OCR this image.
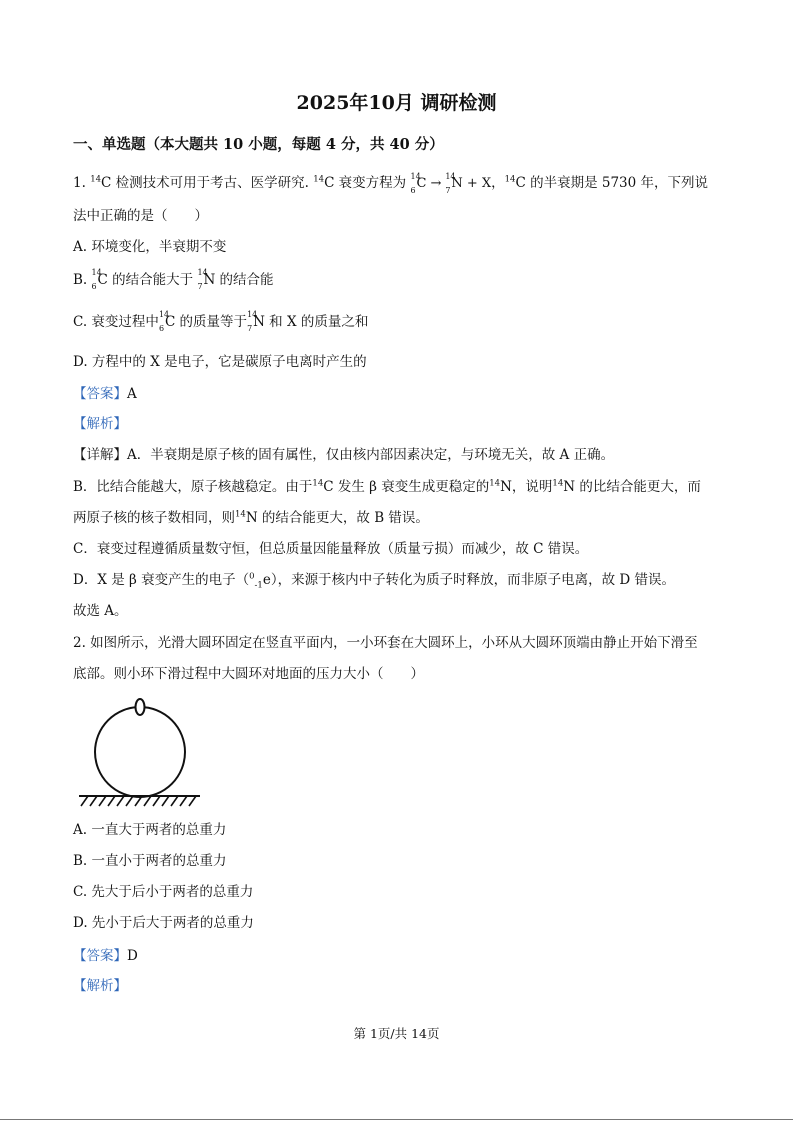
2025年10月 调研检测
一、单选题（本大题共 10 小题，每题 4 分，共 40 分）
1. $^{14}$C 检测技术可用于考古、医学研究. $^{14}$C 衰变方程为 14
6 C → 14
7 N + X，$^{14}$C 的半衰期是 5730 年，下列说
法中正确的是（　　）
A. 环境变化，半衰期不变
B. 14
6 C 的结合能大于 14
7 N 的结合能
C. 衰变过程中 14
6 C 的质量等于 14
7 N 和 X 的质量之和
D. 方程中的 X 是电子，它是碳原子电离时产生的
【答案】A
【解析】
【详解】A．半衰期是原子核的固有属性，仅由核内部因素决定，与环境无关，故 A 正确。
B．比结合能越大，原子核越稳定。由于$^{14}$C 发生 β 衰变生成更稳定的$^{14}$N，说明$^{14}$N 的比结合能更大，而
两原子核的核子数相同，则$^{14}$N 的结合能更大，故 B 错误。
C．衰变过程遵循质量数守恒，但总质量因能量释放（质量亏损）而减少，故 C 错误。
D．X 是 β 衰变产生的电子（$^0_{-1}$e），来源于核内中子转化为质子时释放，而非原子电离，故 D 错误。
故选 A。
2. 如图所示，光滑大圆环固定在竖直平面内，一小环套在大圆环上，小环从大圆环顶端由静止开始下滑至
底部。则小环下滑过程中大圆环对地面的压力大小（　　）
A. 一直大于两者的总重力
B. 一直小于两者的总重力
C. 先大于后小于两者的总重力
D. 先小于后大于两者的总重力
【答案】D
【解析】
第 1页/共 14页
